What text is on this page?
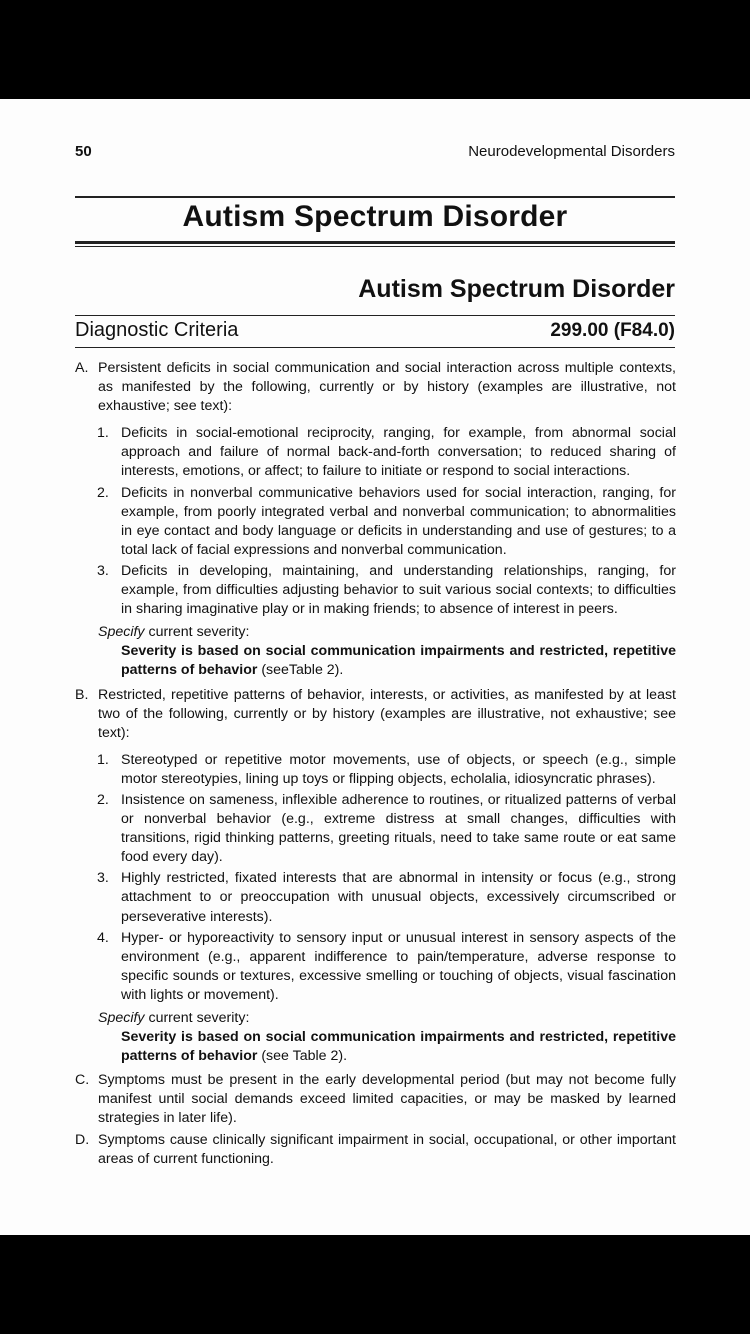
50	Neurodevelopmental Disorders
Autism Spectrum Disorder
Autism Spectrum Disorder
Diagnostic Criteria	299.00 (F84.0)
A. Persistent deficits in social communication and social interaction across multiple contexts, as manifested by the following, currently or by history (examples are illustrative, not exhaustive; see text):
1. Deficits in social-emotional reciprocity, ranging, for example, from abnormal social approach and failure of normal back-and-forth conversation; to reduced sharing of interests, emotions, or affect; to failure to initiate or respond to social interactions.
2. Deficits in nonverbal communicative behaviors used for social interaction, ranging, for example, from poorly integrated verbal and nonverbal communication; to abnormalities in eye contact and body language or deficits in understanding and use of gestures; to a total lack of facial expressions and nonverbal communication.
3. Deficits in developing, maintaining, and understanding relationships, ranging, for example, from difficulties adjusting behavior to suit various social contexts; to difficulties in sharing imaginative play or in making friends; to absence of interest in peers.
Specify current severity:
Severity is based on social communication impairments and restricted, repetitive patterns of behavior (seeTable 2).
B. Restricted, repetitive patterns of behavior, interests, or activities, as manifested by at least two of the following, currently or by history (examples are illustrative, not exhaustive; see text):
1. Stereotyped or repetitive motor movements, use of objects, or speech (e.g., simple motor stereotypies, lining up toys or flipping objects, echolalia, idiosyncratic phrases).
2. Insistence on sameness, inflexible adherence to routines, or ritualized patterns of verbal or nonverbal behavior (e.g., extreme distress at small changes, difficulties with transitions, rigid thinking patterns, greeting rituals, need to take same route or eat same food every day).
3. Highly restricted, fixated interests that are abnormal in intensity or focus (e.g., strong attachment to or preoccupation with unusual objects, excessively circumscribed or perseverative interests).
4. Hyper- or hyporeactivity to sensory input or unusual interest in sensory aspects of the environment (e.g., apparent indifference to pain/temperature, adverse response to specific sounds or textures, excessive smelling or touching of objects, visual fascination with lights or movement).
Specify current severity:
Severity is based on social communication impairments and restricted, repetitive patterns of behavior (see Table 2).
C. Symptoms must be present in the early developmental period (but may not become fully manifest until social demands exceed limited capacities, or may be masked by learned strategies in later life).
D. Symptoms cause clinically significant impairment in social, occupational, or other important areas of current functioning.
